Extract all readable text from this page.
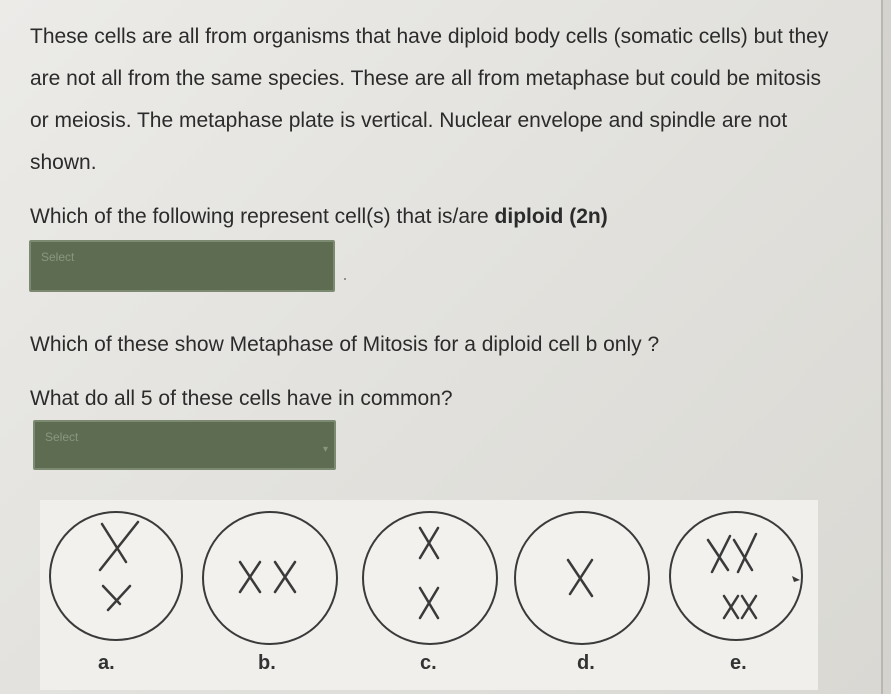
These cells are all from organisms that have diploid body cells (somatic cells) but they are not all from the same species. These are all from metaphase but could be mitosis or meiosis. The metaphase plate is vertical. Nuclear envelope and spindle are not shown.

Which of the following represent cell(s) that is/are diploid (2n)

Select

Which of these show Metaphase of Mitosis for a diploid cell b only ?

What do all 5 of these cells have in common?

Select
▾
a.	b.	c.	d.	e.
